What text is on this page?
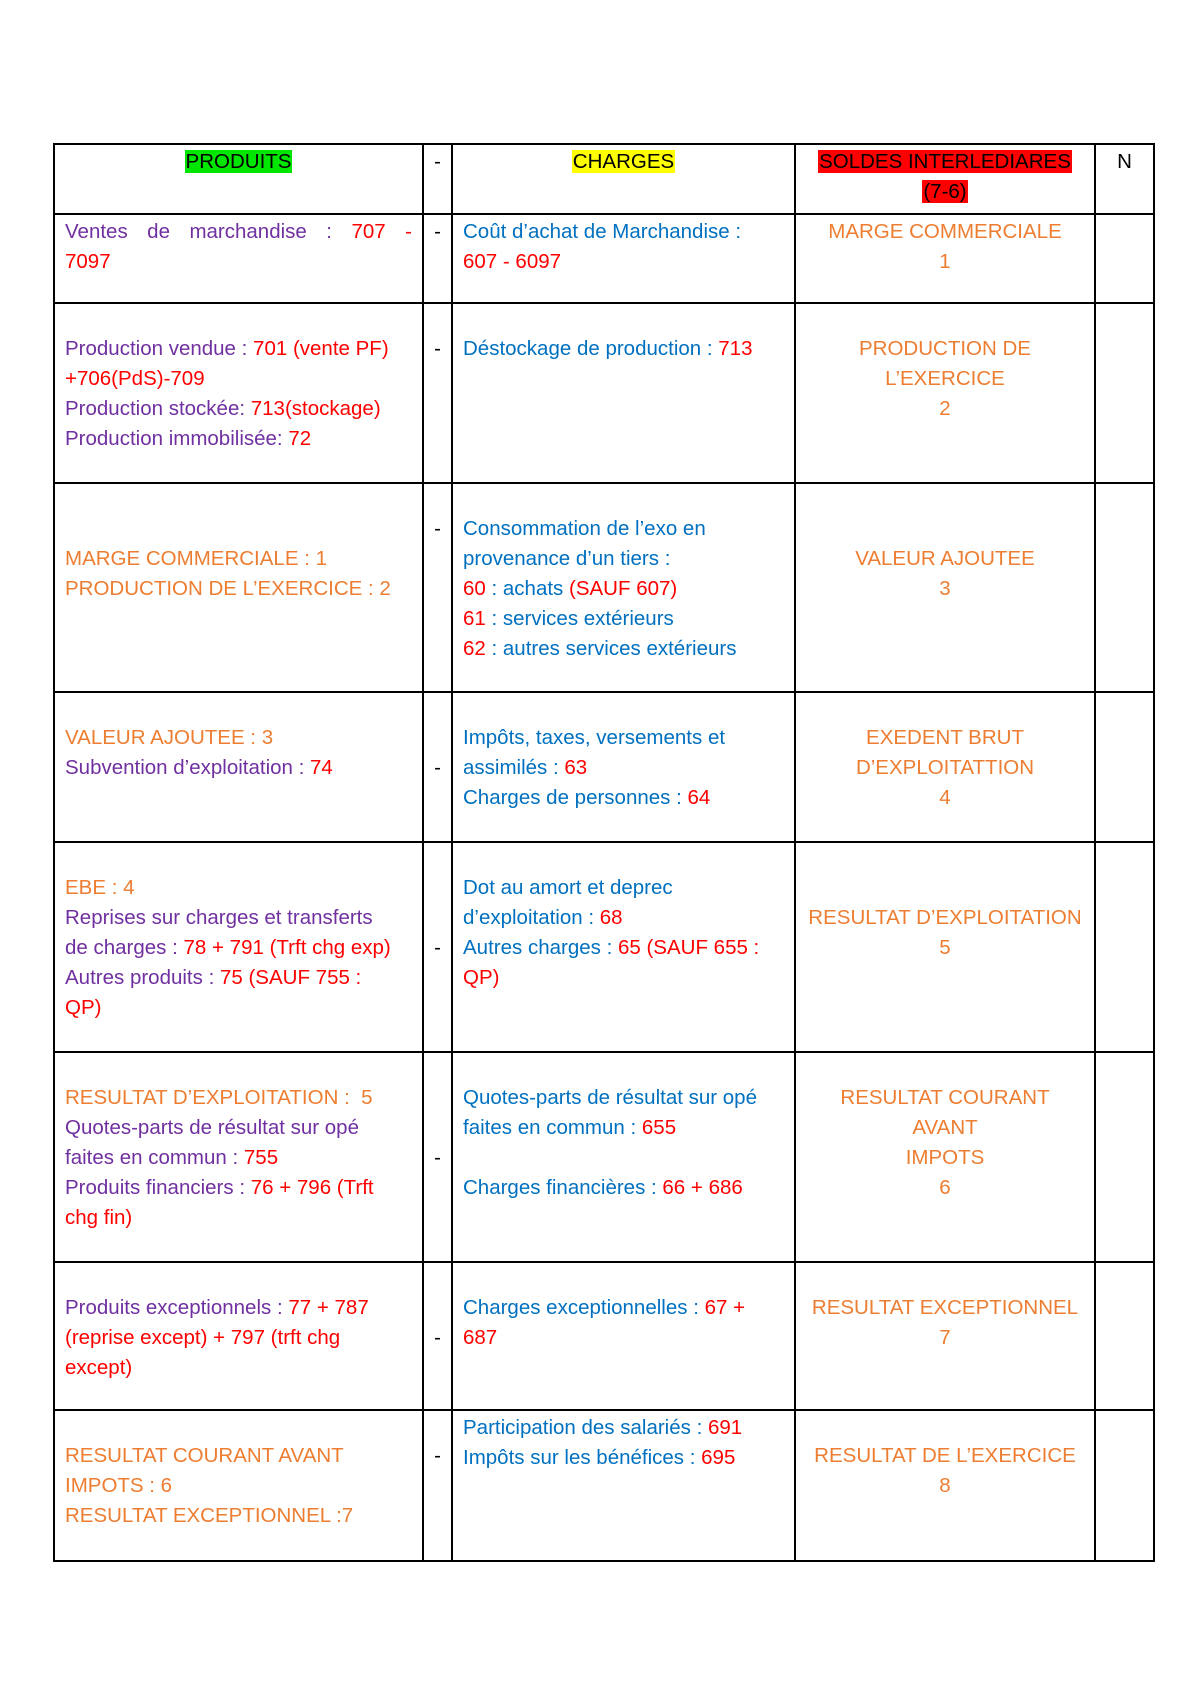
PRODUITS	-	CHARGES	SOLDES INTERLEDIARES
(7-6)	N

Ventes de marchandise : 707 -
7097	-	Coût d’achat de Marchandise :
607 - 6097	MARGE COMMERCIALE
1	

Production vendue : 701 (vente PF)
+706(PdS)-709
Production stockée: 713(stockage)
Production immobilisée: 72	-	Déstockage de production : 713	PRODUCTION DE
L’EXERCICE
2	

MARGE COMMERCIALE : 1
PRODUCTION DE L’EXERCICE : 2	-	Consommation de l’exo en
provenance d’un tiers :
60 : achats (SAUF 607)
61 : services extérieurs
62 : autres services extérieurs	VALEUR AJOUTEE
3	

VALEUR AJOUTEE : 3
Subvention d’exploitation : 74	-	Impôts, taxes, versements et
assimilés : 63
Charges de personnes : 64	EXEDENT BRUT
D’EXPLOITATTION
4	

EBE : 4
Reprises sur charges et transferts
de charges : 78 + 791 (Trft chg exp)
Autres produits : 75 (SAUF 755 :
QP)	-	Dot au amort et deprec
d’exploitation : 68
Autres charges : 65 (SAUF 655 :
QP)	RESULTAT D’EXPLOITATION
5	

RESULTAT D’EXPLOITATION :  5
Quotes-parts de résultat sur opé
faites en commun : 755
Produits financiers : 76 + 796 (Trft
chg fin)	-	Quotes-parts de résultat sur opé
faites en commun : 655
Charges financières : 66 + 686	RESULTAT COURANT AVANT
IMPOTS
6	

Produits exceptionnels : 77 + 787
(reprise except) + 797 (trft chg
except)	-	Charges exceptionnelles : 67 +
687	RESULTAT EXCEPTIONNEL
7	

RESULTAT COURANT AVANT
IMPOTS : 6
RESULTAT EXCEPTIONNEL :7	-	Participation des salariés : 691
Impôts sur les bénéfices : 695	RESULTAT DE L’EXERCICE
8	
